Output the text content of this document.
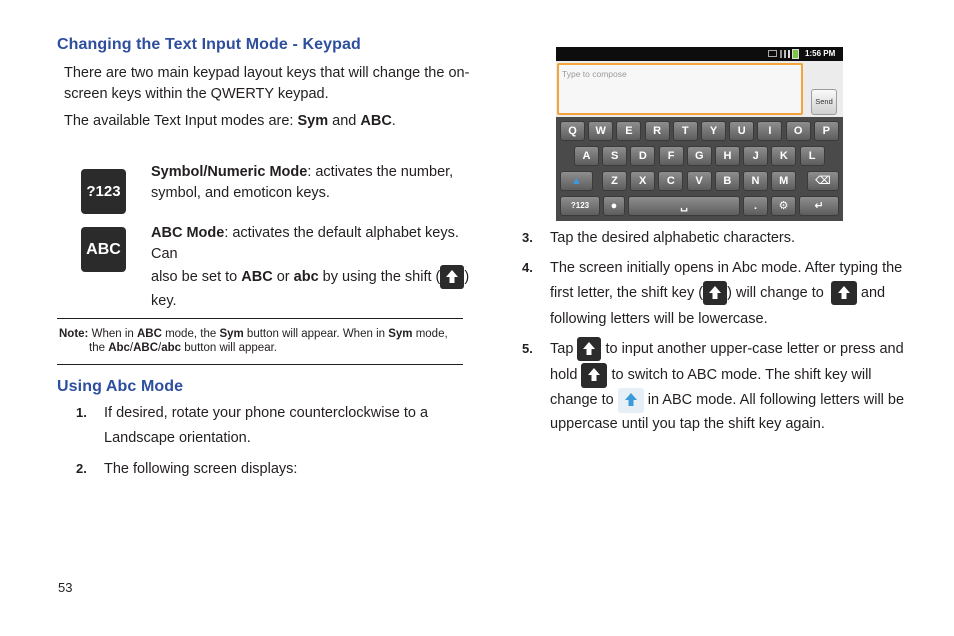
Changing the Text Input Mode - Keypad
There are two main keypad layout keys that will change the on-
screen keys within the QWERTY keypad.
The available Text Input modes are: Sym and ABC.
?123
Symbol/Numeric Mode: activates the number,
symbol, and emoticon keys.
ABC
ABC Mode: activates the default alphabet keys. Can
also be set to ABC or abc by using the shift ( ) key.
Note: When in ABC mode, the Sym button will appear. When in Sym mode,
the Abc/ABC/abc button will appear.
Using Abc Mode
1. If desired, rotate your phone counterclockwise to a
Landscape orientation.
2. The following screen displays:
53
1:56 PM
Type to compose
Send
Q	W	E	R	T	Y	U	I	O	P
A	S	D	F	G	H	J	K	L
▲	Z	X	C	V	B	N	M	⌫
?123	●	␣	.	⚙	↵
3. Tap the desired alphabetic characters.
4. The screen initially opens in Abc mode. After typing the
first letter, the shift key ( ) will change to	and
following letters will be lowercase.
5. Tap to input another upper-case letter or press and
hold to switch to ABC mode. The shift key will
change to in ABC mode. All following letters will be
uppercase until you tap the shift key again.
